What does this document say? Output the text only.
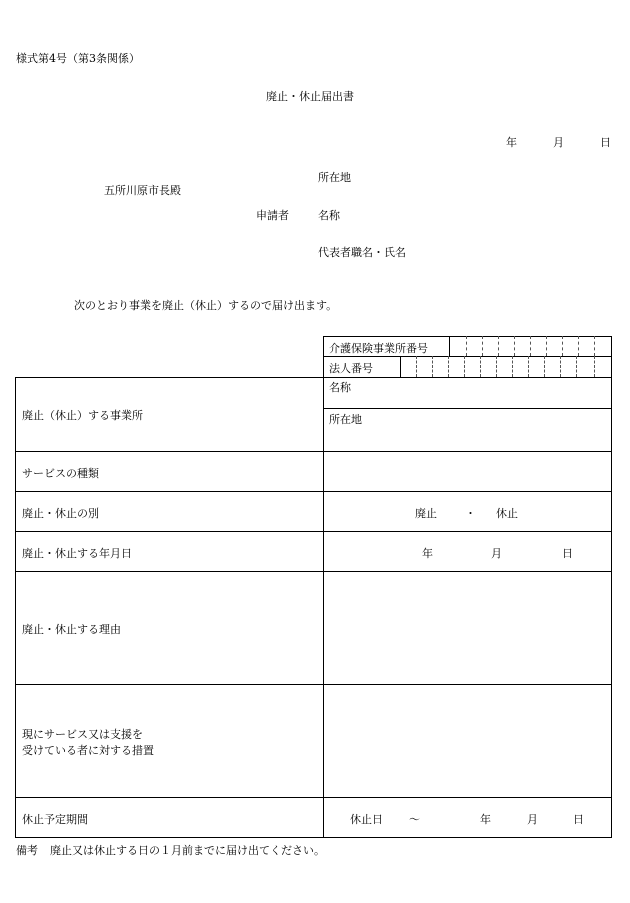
様式第4号（第3条関係）
廃止・休止届出書
年	月	日
五所川原市長殿
所在地
申請者	名称
代表者職名・氏名
次のとおり事業を廃止（休止）するので届け出ます。
介護保険事業所番号
法人番号
廃止（休止）する事業所
名称
所在地
サービスの種類
廃止・休止の別	廃止	・ 休止
廃止・休止する年月日	年	月	日
廃止・休止する理由
現にサービス又は支援を
受けている者に対する措置
休止予定期間	休止日 ～	年	月	日
備考 廃止又は休止する日の１月前までに届け出てください。
